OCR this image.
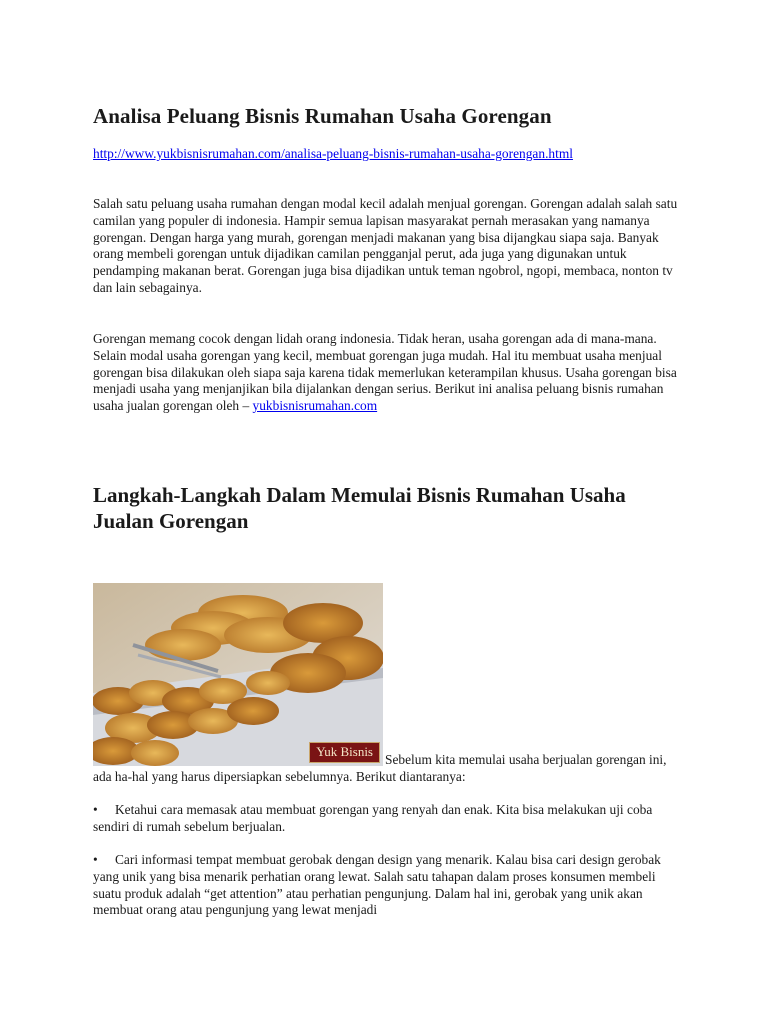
Analisa Peluang Bisnis Rumahan Usaha Gorengan
http://www.yukbisnisrumahan.com/analisa-peluang-bisnis-rumahan-usaha-gorengan.html

Salah satu peluang usaha rumahan dengan modal kecil adalah menjual gorengan. Gorengan adalah salah satu camilan yang populer di indonesia. Hampir semua lapisan masyarakat pernah merasakan yang namanya gorengan. Dengan harga yang murah, gorengan menjadi makanan yang bisa dijangkau siapa saja. Banyak orang membeli gorengan untuk dijadikan camilan pengganjal perut, ada juga yang digunakan untuk pendamping makanan berat. Gorengan juga bisa dijadikan untuk teman ngobrol, ngopi, membaca, nonton tv dan lain sebagainya.

Gorengan memang cocok dengan lidah orang indonesia. Tidak heran, usaha gorengan ada di mana-mana. Selain modal usaha gorengan yang kecil, membuat gorengan juga mudah. Hal itu membuat usaha menjual gorengan bisa dilakukan oleh siapa saja karena tidak memerlukan keterampilan khusus. Usaha gorengan bisa menjadi usaha yang menjanjikan bila dijalankan dengan serius. Berikut ini analisa peluang bisnis rumahan usaha jualan gorengan oleh – yukbisnisrumahan.com

Langkah-Langkah Dalam Memulai Bisnis Rumahan Usaha Jualan Gorengan
Yuk Bisnis

Sebelum kita memulai usaha berjualan gorengan ini, ada ha-hal yang harus dipersiapkan sebelumnya. Berikut diantaranya:

• Ketahui cara memasak atau membuat gorengan yang renyah dan enak. Kita bisa melakukan uji coba sendiri di rumah sebelum berjualan.

• Cari informasi tempat membuat gerobak dengan design yang menarik. Kalau bisa cari design gerobak yang unik yang bisa menarik perhatian orang lewat. Salah satu tahapan dalam proses konsumen membeli suatu produk adalah “get attention” atau perhatian pengunjung. Dalam hal ini, gerobak yang unik akan membuat orang atau pengunjung yang lewat menjadi
